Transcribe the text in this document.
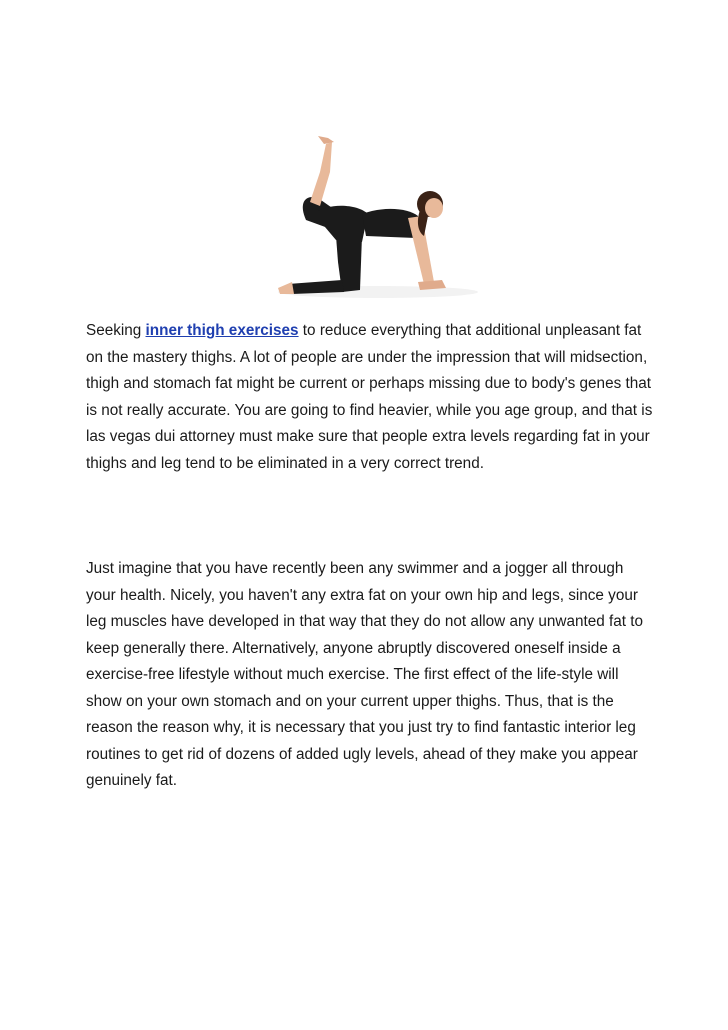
Seeking inner thigh exercises to reduce everything that additional unpleasant fat on the mastery thighs. A lot of people are under the impression that will midsection, thigh and stomach fat might be current or perhaps missing due to body's genes that is not really accurate. You are going to find heavier, while you age group, and that is las vegas dui attorney must make sure that people extra levels regarding fat in your thighs and leg tend to be eliminated in a very correct trend.

Just imagine that you have recently been any swimmer and a jogger all through your health. Nicely, you haven't any extra fat on your own hip and legs, since your leg muscles have developed in that way that they do not allow any unwanted fat to keep generally there. Alternatively, anyone abruptly discovered oneself inside a exercise-free lifestyle without much exercise. The first effect of the life-style will show on your own stomach and on your current upper thighs. Thus, that is the reason the reason why, it is necessary that you just try to find fantastic interior leg routines to get rid of dozens of added ugly levels, ahead of they make you appear genuinely fat.
